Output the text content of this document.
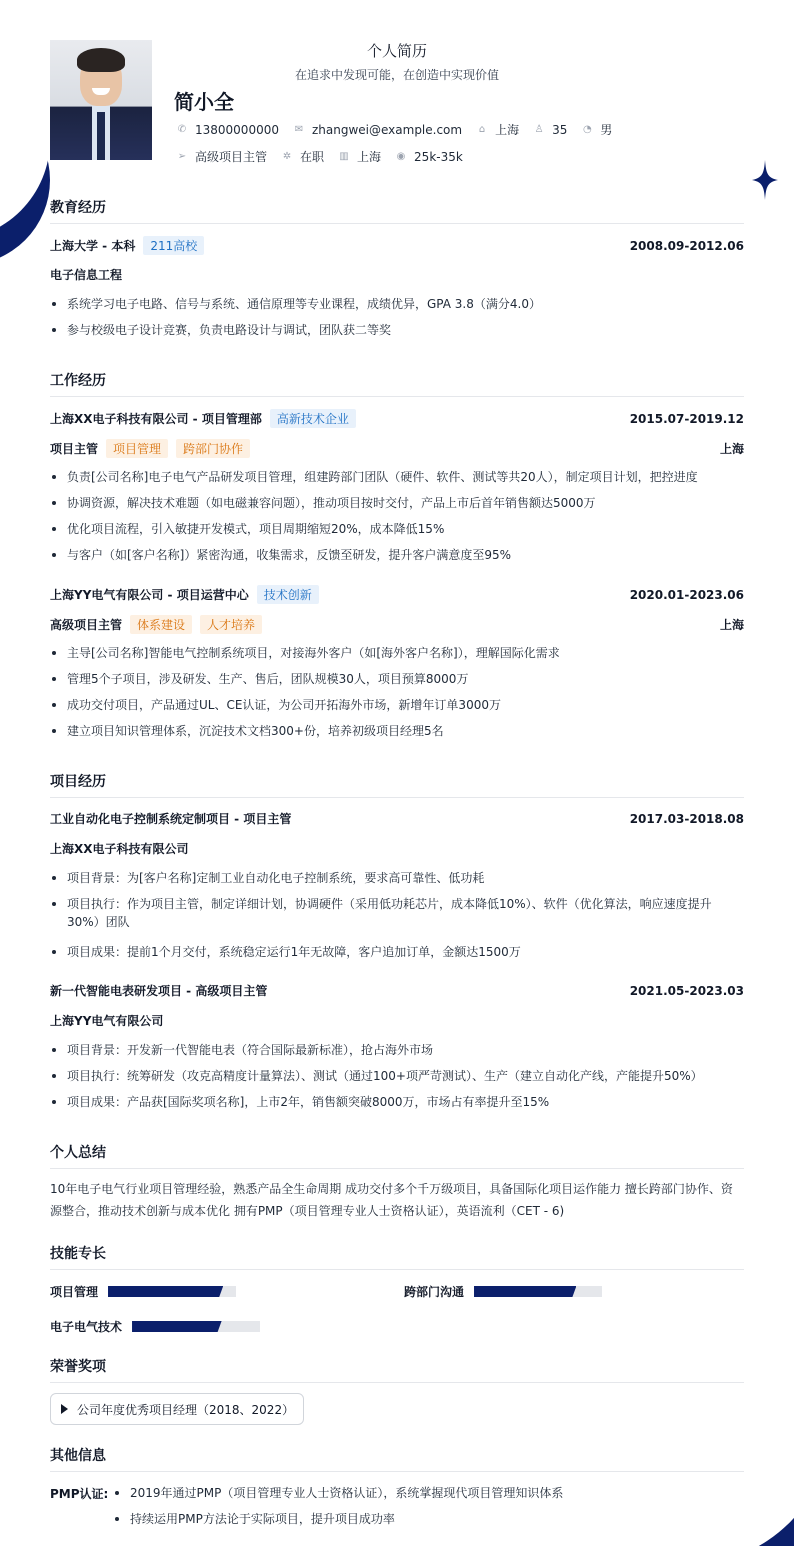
个人简历
在追求中发现可能，在创造中实现价值
简小全
✆ 13800000000 ✉ zhangwei@example.com ⌂ 上海 ♙ 35 ◔ 男
➢ 高级项目主管 ✲ 在职 ▥ 上海 ◉ 25k-35k
教育经历
上海大学 - 本科	211高校	2008.09-2012.06
电子信息工程
系统学习电子电路、信号与系统、通信原理等专业课程，成绩优异，GPA 3.8（满分4.0）
参与校级电子设计竞赛，负责电路设计与调试，团队获二等奖
工作经历
上海XX电子科技有限公司 - 项目管理部	高新技术企业	2015.07-2019.12
项目主管	项目管理	跨部门协作	上海
负责[公司名称]电子电气产品研发项目管理，组建跨部门团队（硬件、软件、测试等共20人），制定项目计划，把控进度
协调资源，解决技术难题（如电磁兼容问题），推动项目按时交付，产品上市后首年销售额达5000万
优化项目流程，引入敏捷开发模式，项目周期缩短20%，成本降低15%
与客户（如[客户名称]）紧密沟通，收集需求，反馈至研发，提升客户满意度至95%
上海YY电气有限公司 - 项目运营中心	技术创新	2020.01-2023.06
高级项目主管	体系建设	人才培养	上海
主导[公司名称]智能电气控制系统项目，对接海外客户（如[海外客户名称]），理解国际化需求
管理5个子项目，涉及研发、生产、售后，团队规模30人，项目预算8000万
成功交付项目，产品通过UL、CE认证，为公司开拓海外市场，新增年订单3000万
建立项目知识管理体系，沉淀技术文档300+份，培养初级项目经理5名
项目经历
工业自动化电子控制系统定制项目 - 项目主管	2017.03-2018.08
上海XX电子科技有限公司
项目背景：为[客户名称]定制工业自动化电子控制系统，要求高可靠性、低功耗
项目执行：作为项目主管，制定详细计划，协调硬件（采用低功耗芯片，成本降低10%）、软件（优化算法，响应速度提升30%）团队
项目成果：提前1个月交付，系统稳定运行1年无故障，客户追加订单，金额达1500万
新一代智能电表研发项目 - 高级项目主管	2021.05-2023.03
上海YY电气有限公司
项目背景：开发新一代智能电表（符合国际最新标准），抢占海外市场
项目执行：统筹研发（攻克高精度计量算法）、测试（通过100+项严苛测试）、生产（建立自动化产线，产能提升50%）
项目成果：产品获[国际奖项名称]，上市2年，销售额突破8000万，市场占有率提升至15%
个人总结
10年电子电气行业项目管理经验，熟悉产品全生命周期 成功交付多个千万级项目，具备国际化项目运作能力 擅长跨部门协作、资源整合，推动技术创新与成本优化 拥有PMP（项目管理专业人士资格认证），英语流利（CET - 6)
技能专长
项目管理	跨部门沟通
电子电气技术
荣誉奖项
公司年度优秀项目经理（2018、2022）
其他信息
PMP认证:	2019年通过PMP（项目管理专业人士资格认证），系统掌握现代项目管理知识体系
持续运用PMP方法论于实际项目，提升项目成功率
